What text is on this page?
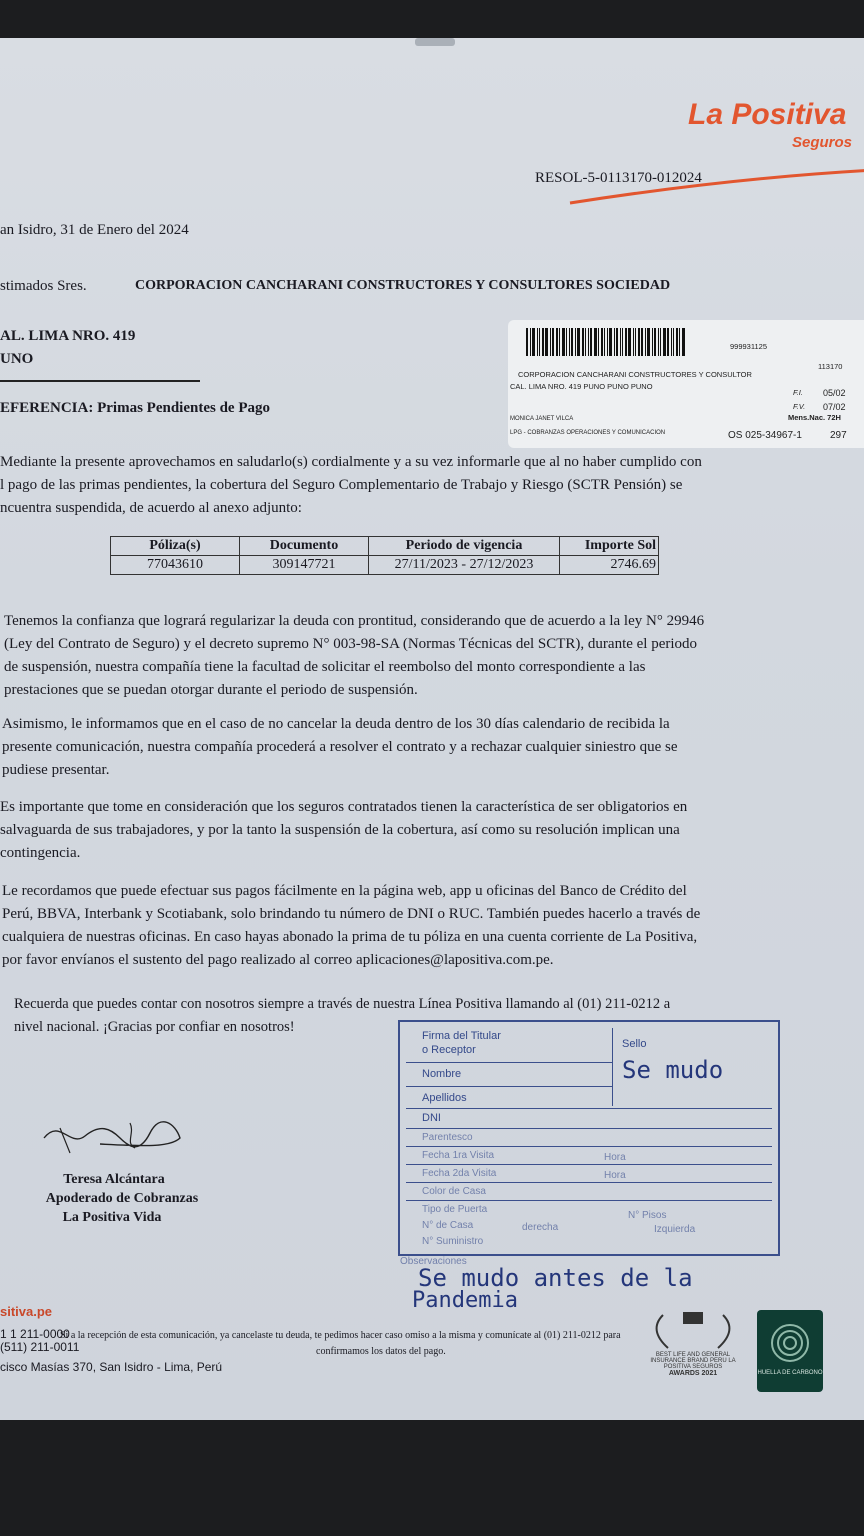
La Positiva
Seguros
RESOL-5-0113170-012024
an Isidro, 31 de Enero del 2024
stimados Sres.	CORPORACION CANCHARANI CONSTRUCTORES Y CONSULTORES SOCIEDAD
AL. LIMA NRO. 419
UNO
EFERENCIA: Primas Pendientes de Pago
999931125
113170
CORPORACION CANCHARANI CONSTRUCTORES Y CONSULTOR
CAL. LIMA NRO. 419 PUNO PUNO PUNO
F.I. 05/02
F.V. 07/02
Mens.Nac. 72H
MONICA JANET VILCA
LPG - COBRANZAS OPERACIONES Y COMUNICACION	OS 025-34967-1	297
Mediante la presente aprovechamos en saludarlo(s) cordialmente y a su vez informarle que al no haber cumplido con
l pago de las primas pendientes, la cobertura del Seguro Complementario de Trabajo y Riesgo (SCTR Pensión) se
ncuentra suspendida, de acuerdo al anexo adjunto:
Póliza(s)	Documento	Periodo de vigencia	Importe Sol
77043610	309147721	27/11/2023 - 27/12/2023	2746.69
Tenemos la confianza que logrará regularizar la deuda con prontitud, considerando que de acuerdo a la ley N° 29946
(Ley del Contrato de Seguro) y el decreto supremo N° 003-98-SA (Normas Técnicas del SCTR), durante el periodo
de suspensión, nuestra compañía tiene la facultad de solicitar el reembolso del monto correspondiente a las
prestaciones que se puedan otorgar durante el periodo de suspensión.
Asimismo, le informamos que en el caso de no cancelar la deuda dentro de los 30 días calendario de recibida la
presente comunicación, nuestra compañía procederá a resolver el contrato y a rechazar cualquier siniestro que se
pudiese presentar.
Es importante que tome en consideración que los seguros contratados tienen la característica de ser obligatorios en
salvaguarda de sus trabajadores, y por la tanto la suspensión de la cobertura, así como su resolución implican una
contingencia.
Le recordamos que puede efectuar sus pagos fácilmente en la página web, app u oficinas del Banco de Crédito del
Perú, BBVA, Interbank y Scotiabank, solo brindando tu número de DNI o RUC. También puedes hacerlo a través de
cualquiera de nuestras oficinas. En caso hayas abonado la prima de tu póliza en una cuenta corriente de La Positiva,
por favor envíanos el sustento del pago realizado al correo aplicaciones@lapositiva.com.pe.
Recuerda que puedes contar con nosotros siempre a través de nuestra Línea Positiva llamando al (01) 211-0212 a
nivel nacional. ¡Gracias por confiar en nosotros!
Teresa Alcántara
Apoderado de Cobranzas
La Positiva Vida
Firma del Titular
o Receptor	Sello
Nombre
Apellidos
DNI
Parentesco
Fecha 1ra Visita	Hora
Fecha 2da Visita	Hora
Color de Casa
Tipo de Puerta
N° Pisos
N° de Casa	derecha	Izquierda
N° Suministro
Se mudo
Observaciones
Se mudo antes de la
Pandemia
sitiva.pe
1 1 211-0000
(511) 211-0011
cisco Masías 370, San Isidro - Lima, Perú
Si a la recepción de esta comunicación, ya cancelaste tu deuda, te pedimos hacer caso omiso a la misma y comunícate al (01) 211-0212 para
confirmamos los datos del pago.	BEST LIFE AND GENERAL INSURANCE BRAND PERU LA POSITIVA SEGUROS
AWARDS 2021	HUELLA DE CARBONO
